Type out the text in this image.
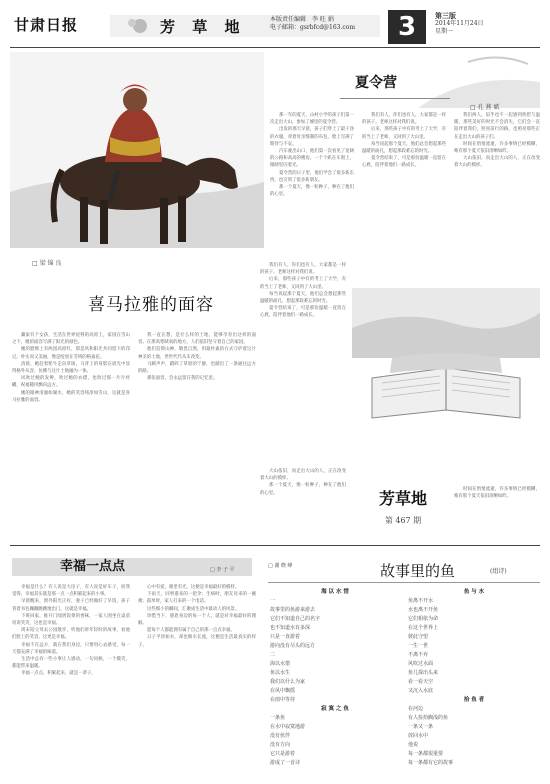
甘肃日报	芳 草 地	本版责任编辑　李 旺 娟
电子邮箱：gsrbfcd@163.com	3	第三版
2014年11月24日
星期一
□ 梁 锦 良
喜马拉雅的面容

藏家有个女孩，生活在世界屋脊的高原上，家园在雪山之下，她的面容写满了阳光的颜色。

她的脸颊上有两团高原红，那是风和阳光共同留下的印记，朴实而又美丽，像是绽放在雪域的格桑花。

清晨，她赶着牦牛走向草场，马背上的身影在晨光中显得格外从容，仿佛与这片土地融为一体。

风吹过她的发辫，吹过她的衣襟，也吹过那一片片经幡，祝福随风飘向远方。

她的眼神清澈如湖水，她的笑容纯净如雪山，这就是喜马拉雅的面容。

我一直在想，是什么样的土地，能够孕育出这样的面容。在那高寒缺氧的地方，人们依旧坚守着自己的家园。

他们信仰山神，敬畏自然，用最朴素的方式守护着这片神圣的土地，世世代代从未改变。

马蹄声声，踏碎了草原的宁静，也踏出了一条通往远方的路。

那张面容，会永远留在我的记忆里。

夏令营
□ 孔 燕 斌

那一年的夏天，山村小学的孩子们第一次走出大山，参加了城里的夏令营。

出发的那天早晨，孩子们穿上了最干净的衣服，背着母亲缝制的布包，脸上写满了期待与不安。

汽车驶出山口，他们第一次看见了宽阔的公路和高高的楼房，一个个趴在车窗上，眼睛里闪着光。

夏令营的日子里，他们学会了很多新东西，也交到了很多新朋友。

那一个夏天，像一粒种子，种在了他们的心里。

我们有人，你们也有人，大家都是一样的孩子。老师这样对我们说。

后来，那些孩子中有的考上了大学，有的当上了老师，又回到了大山里。

每当说起那个夏天，他们总会想起那些温暖的面孔，想起那段难忘的时光。

夏令营结束了，可是那份温暖一直留在心底，陪伴着他们一路成长。

我们两人，似乎也不一起感到欣慰与温暖，那些美好的时光不会消失，它们会一直陪伴着我们，照亮前行的路，也照亮那些正在走出大山的孩子们。

时间在悄悄流逝，许多事情已经模糊，唯有那个夏天依旧清晰如昨。

大山依旧，而走出大山的人，正在改变着大山的模样。

我们有人，你们也有人，大家都是一样的孩子。老师这样对我们说。

后来，那些孩子中有的考上了大学，有的当上了老师，又回到了大山里。

每当说起那个夏天，他们总会想起那些温暖的面孔，想起那段难忘的时光。

夏令营结束了，可是那份温暖一直留在心底，陪伴着他们一路成长。

芳草地
第 467 期

大山依旧，而走出大山的人，正在改变着大山的模样。

那一个夏天，像一粒种子，种在了他们的心里。

时间在悄悄流逝，许多事情已经模糊，唯有那个夏天依旧清晰如昨。

幸福一点点	□ 李 子 平

幸福是什么？有人说是大房子，有人说是好车子，而我觉得，幸福其实就是那一点一点积累起来的小事。

早晨醒来，窗外阳光正好，妻子已经做好了早饭，孩子背着书包蹦蹦跳跳地出门，这就是幸福。

下班回家，推开门闻到饭菜的香味，一家人围坐在桌前说说笑笑，这也是幸福。

周末陪父母去公园散步，听他们讲年轻时的故事，看他们脸上的笑容，这更是幸福。

幸福不在远方，就在我们身边，只要用心去感受，每一天都充满了幸福的味道。

生活中总有一些小事让人感动，一句问候，一个微笑，都能带来温暖。

幸福一点点，积累起来，就是一辈子。

心中有爱，眼里有光，这便是幸福最好的模样。

下雨天，同事递来的一把伞；生病时，朋友送来的一碗粥；孤单时，家人打来的一个电话。

这些细小的瞬间，汇聚成生活中最动人的风景。

珍惜当下，感恩身边的每一个人，就是对幸福最好的理解。

愿每个人都能拥有属于自己的那一点点幸福。

日子平淡如水，却也细水长流，这便是生活最真实的样子。

□ 谢 晓 峰	故事里的鱼	(组诗)
海 以 水 惜
一
故事里的鱼游来游去
它们不知道自己的名字
也不知道水有多深
只是一直游着
游向没有尽头的远方
二
海以水惜
鱼以水生
我们以什么为家
在风中飘摇
在雨中等待
寂 寞 之 鱼
一条鱼
在水中寂寞地游
没有伙伴
没有方向
它只是游着
游成了一首诗
鱼 与 水
鱼离不开水
水也离不开鱼
它们相依为命
在这个世界上
彼此守望
一生一世
不离不弃
风吹过水面
鱼儿探出头来
看一看天空
又沉入水底
拾 鱼 者
在河边
有人捡拾搁浅的鱼
一条又一条
放回水中
他说
每一条都很重要
每一条都有它的故事
